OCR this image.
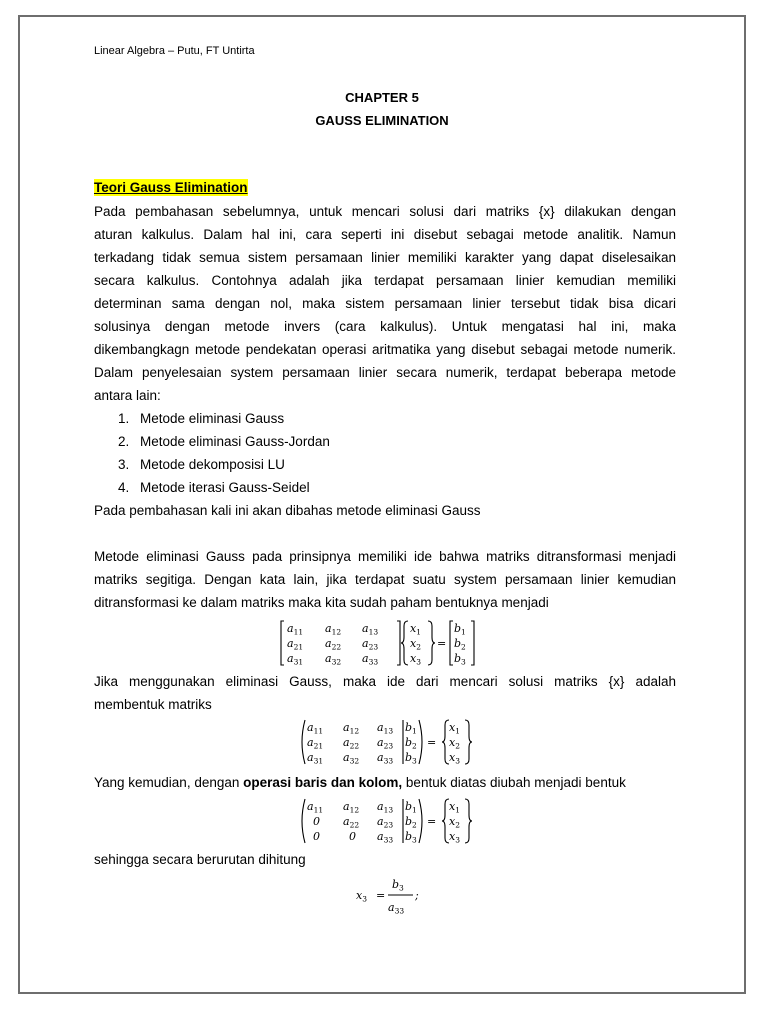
Linear Algebra – Putu, FT Untirta
CHAPTER 5
GAUSS ELIMINATION
Teori Gauss Elimination
Pada pembahasan sebelumnya, untuk mencari solusi dari matriks {x} dilakukan dengan
aturan kalkulus. Dalam hal ini, cara seperti ini disebut sebagai metode analitik. Namun
terkadang tidak semua sistem persamaan linier memiliki karakter yang dapat diselesaikan
secara kalkulus. Contohnya adalah jika terdapat persamaan linier kemudian memiliki
determinan sama dengan nol, maka sistem persamaan linier tersebut tidak bisa dicari
solusinya dengan metode invers (cara kalkulus). Untuk mengatasi hal ini, maka
dikembangkagn metode pendekatan operasi aritmatika yang disebut sebagai metode numerik.
Dalam penyelesaian system persamaan linier secara numerik, terdapat beberapa metode
antara lain:
1. Metode eliminasi Gauss
2. Metode eliminasi Gauss-Jordan
3. Metode dekomposisi LU
4. Metode iterasi Gauss-Seidel
Pada pembahasan kali ini akan dibahas metode eliminasi Gauss
Metode eliminasi Gauss pada prinsipnya memiliki ide bahwa matriks ditransformasi menjadi
matriks segitiga. Dengan kata lain, jika terdapat suatu system persamaan linier kemudian
ditransformasi ke dalam matriks maka kita sudah paham bentuknya menjadi
$a_{11}$ $a_{12}$ $a_{13}$
$a_{21}$ $a_{22}$ $a_{23}$
$a_{31}$ $a_{32}$ $a_{33}$
$x_1$
$x_2$
$x_3$
=
$b_1$
$b_2$
$b_3$
Jika menggunakan eliminasi Gauss, maka ide dari mencari solusi matriks {x} adalah
membentuk matriks
$a_{11}$ $a_{12}$ $a_{13}$
$a_{21}$ $a_{22}$ $a_{23}$
$a_{31}$ $a_{32}$ $a_{33}$
$b_1$
$b_2$
$b_3$
=
$x_1$
$x_2$
$x_3$
Yang kemudian, dengan operasi baris dan kolom, bentuk diatas diubah menjadi bentuk
$a_{11}$ $a_{12}$ $a_{13}$
0 $a_{22}$ $a_{23}$
0	0 $a_{33}$
$b_1$
$b_2$
$b_3$
=
$x_1$
$x_2$
$x_3$
sehingga secara berurutan dihitung
$x_3$ =
$b_3$
$a_{33}$
;
